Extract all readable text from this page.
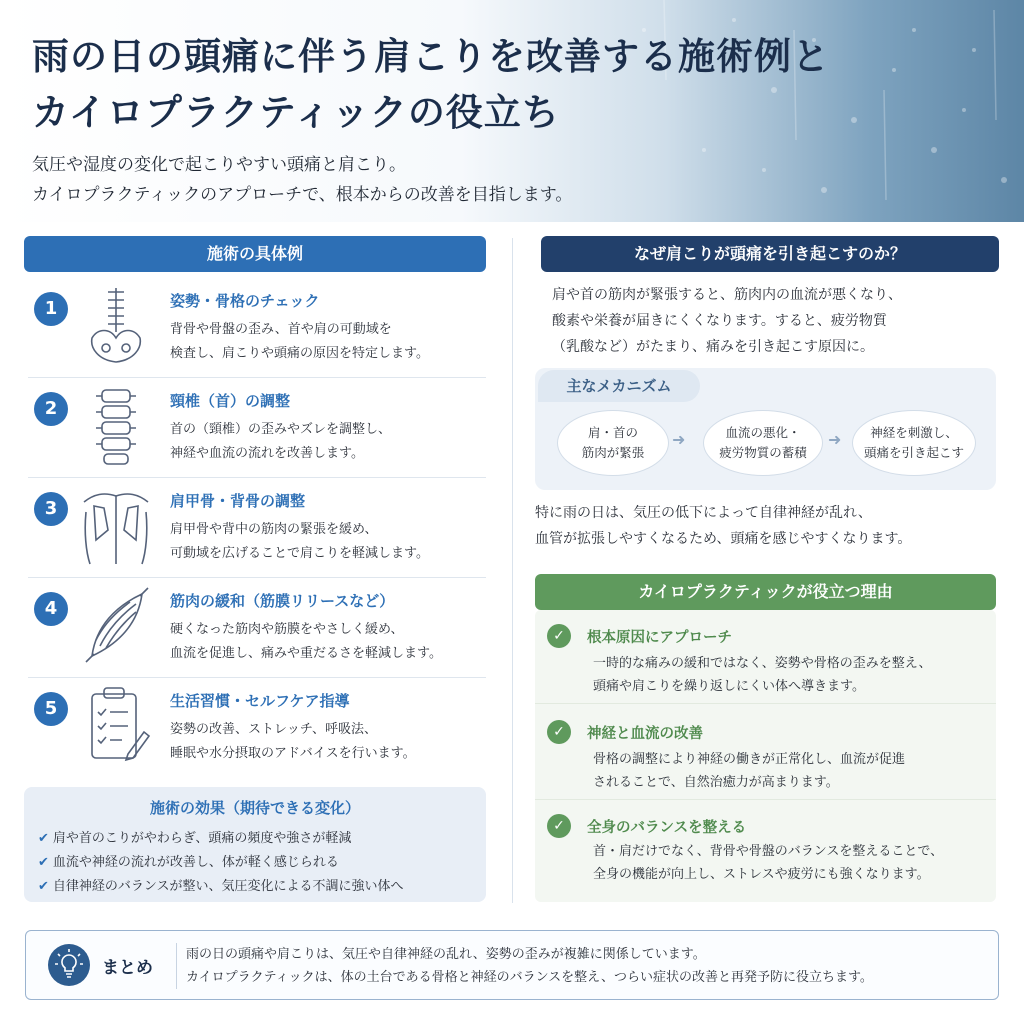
雨の日の頭痛に伴う肩こりを改善する施術例と
カイロプラクティックの役立ち
気圧や湿度の変化で起こりやすい頭痛と肩こり。
カイロプラクティックのアプローチで、根本からの改善を目指します。
施術の具体例
1	姿勢・骨格のチェック
背骨や骨盤の歪み、首や肩の可動域を
検査し、肩こりや頭痛の原因を特定します。
2	頸椎（首）の調整
首の（頸椎）の歪みやズレを調整し、
神経や血流の流れを改善します。
3	肩甲骨・背骨の調整
肩甲骨や背中の筋肉の緊張を緩め、
可動域を広げることで肩こりを軽減します。
4	筋肉の緩和（筋膜リリースなど）
硬くなった筋肉や筋膜をやさしく緩め、
血流を促進し、痛みや重だるさを軽減します。
5	生活習慣・セルフケア指導
姿勢の改善、ストレッチ、呼吸法、
睡眠や水分摂取のアドバイスを行います。
施術の効果（期待できる変化）
✔ 肩や首のこりがやわらぎ、頭痛の頻度や強さが軽減
✔ 血流や神経の流れが改善し、体が軽く感じられる
✔ 自律神経のバランスが整い、気圧変化による不調に強い体へ
なぜ肩こりが頭痛を引き起こすのか？
肩や首の筋肉が緊張すると、筋肉内の血流が悪くなり、
酸素や栄養が届きにくくなります。すると、疲労物質
（乳酸など）がたまり、痛みを引き起こす原因に。
主なメカニズム
肩・首の
筋肉が緊張
➜	血流の悪化・
疲労物質の蓄積
➜	神経を刺激し、
頭痛を引き起こす
特に雨の日は、気圧の低下によって自律神経が乱れ、
血管が拡張しやすくなるため、頭痛を感じやすくなります。
カイロプラクティックが役立つ理由
✓	根本原因にアプローチ
一時的な痛みの緩和ではなく、姿勢や骨格の歪みを整え、
頭痛や肩こりを繰り返しにくい体へ導きます。
✓	神経と血流の改善
骨格の調整により神経の働きが正常化し、血流が促進
されることで、自然治癒力が高まります。
✓	全身のバランスを整える
首・肩だけでなく、背骨や骨盤のバランスを整えることで、
全身の機能が向上し、ストレスや疲労にも強くなります。
まとめ
雨の日の頭痛や肩こりは、気圧や自律神経の乱れ、姿勢の歪みが複雑に関係しています。
カイロプラクティックは、体の土台である骨格と神経のバランスを整え、つらい症状の改善と再発予防に役立ちます。
